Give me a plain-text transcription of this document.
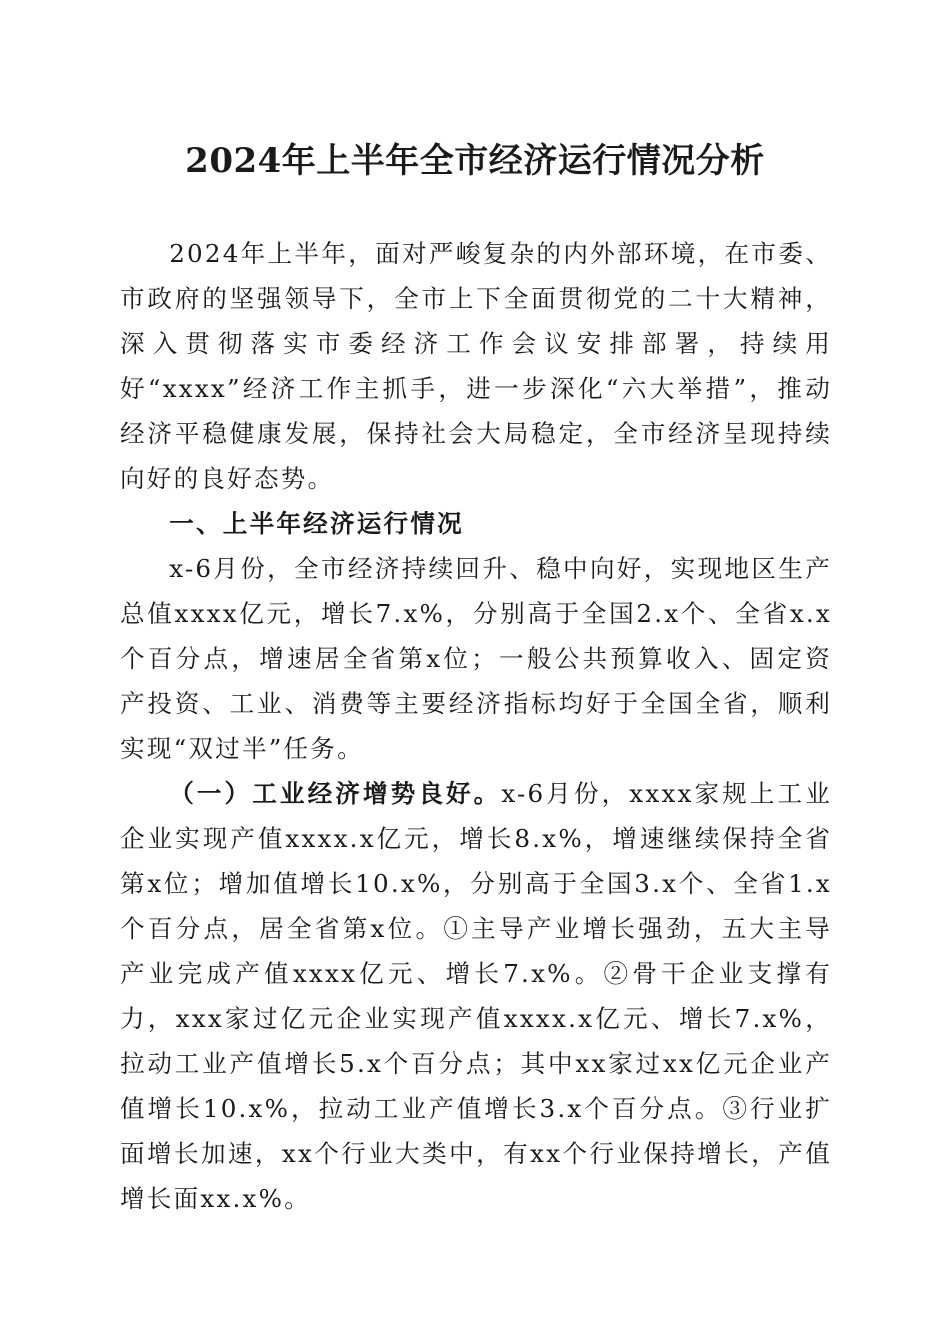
2024年上半年全市经济运行情况分析

2024年上半年，面对严峻复杂的内外部环境，在市委、市政府的坚强领导下，全市上下全面贯彻党的二十大精神，深入贯彻落实市委经济工作会议安排部署，持续用好“xxxx”经济工作主抓手，进一步深化“六大举措”，推动经济平稳健康发展，保持社会大局稳定，全市经济呈现持续向好的良好态势。

一、上半年经济运行情况

x-6月份，全市经济持续回升、稳中向好，实现地区生产总值xxxx亿元，增长7.x%，分别高于全国2.x个、全省x.x个百分点，增速居全省第x位；一般公共预算收入、固定资产投资、工业、消费等主要经济指标均好于全国全省，顺利实现“双过半”任务。

（一）工业经济增势良好。x-6月份，xxxx家规上工业企业实现产值xxxx.x亿元，增长8.x%，增速继续保持全省第x位；增加值增长10.x%，分别高于全国3.x个、全省1.x个百分点，居全省第x位。①主导产业增长强劲，五大主导产业完成产值xxxx亿元、增长7.x%。②骨干企业支撑有力，xxx家过亿元企业实现产值xxxx.x亿元、增长7.x%，拉动工业产值增长5.x个百分点；其中xx家过xx亿元企业产值增长10.x%，拉动工业产值增长3.x个百分点。③行业扩面增长加速，xx个行业大类中，有xx个行业保持增长，产值增长面xx.x%。
